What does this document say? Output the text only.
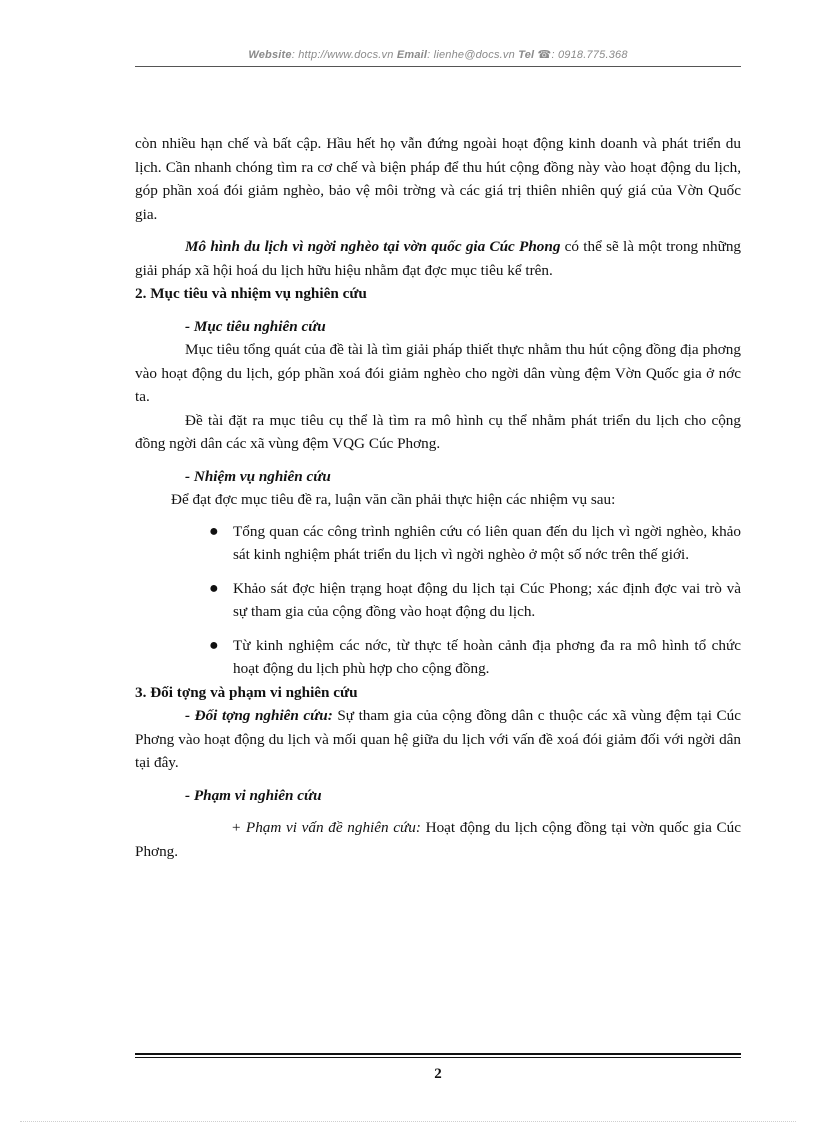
Website: http://www.docs.vn Email: lienhe@docs.vn Tel ☎: 0918.775.368

còn nhiều hạn chế và bất cập. Hầu hết họ vẫn đứng ngoài hoạt động kinh doanh và phát triển du lịch. Cần nhanh chóng tìm ra cơ chế và biện pháp để thu hút cộng đồng này vào hoạt động du lịch, góp phần xoá đói giảm nghèo, bảo vệ môi trờng và các giá trị thiên nhiên quý giá của Vờn Quốc gia.

Mô hình du lịch vì ngời nghèo tại vờn quốc gia Cúc Phong có thể sẽ là một trong những giải pháp xã hội hoá du lịch hữu hiệu nhằm đạt đợc mục tiêu kể trên.

2. Mục tiêu và nhiệm vụ nghiên cứu

- Mục tiêu nghiên cứu

Mục tiêu tổng quát của đề tài là tìm giải pháp thiết thực nhằm thu hút cộng đồng địa phơng vào hoạt động du lịch, góp phần xoá đói giảm nghèo cho ngời dân vùng đệm Vờn Quốc gia ở nớc ta.

Đề tài đặt ra mục tiêu cụ thể là tìm ra mô hình cụ thể nhằm phát triển du lịch cho cộng đồng ngời dân các xã vùng đệm VQG Cúc Phơng.

- Nhiệm vụ nghiên cứu

Để đạt đợc mục tiêu đề ra, luận văn cần phải thực hiện các nhiệm vụ sau:

● Tổng quan các công trình nghiên cứu có liên quan đến du lịch vì ngời nghèo, khảo sát kinh nghiệm phát triển du lịch vì ngời nghèo ở một số nớc trên thế giới.
● Khảo sát đợc hiện trạng hoạt động du lịch tại Cúc Phong; xác định đợc vai trò và sự tham gia của cộng đồng vào hoạt động du lịch.
● Từ kinh nghiệm các nớc, từ thực tế hoàn cảnh địa phơng đa ra mô hình tổ chức hoạt động du lịch phù hợp cho cộng đồng.

3. Đối tợng và phạm vi nghiên cứu

- Đối tợng nghiên cứu: Sự tham gia của cộng đồng dân c thuộc các xã vùng đệm tại Cúc Phơng vào hoạt động du lịch và mối quan hệ giữa du lịch với vấn đề xoá đói giảm đối với ngời dân tại đây.

- Phạm vi nghiên cứu

+ Phạm vi vấn đề nghiên cứu: Hoạt động du lịch cộng đồng tại vờn quốc gia Cúc Phơng.

2
